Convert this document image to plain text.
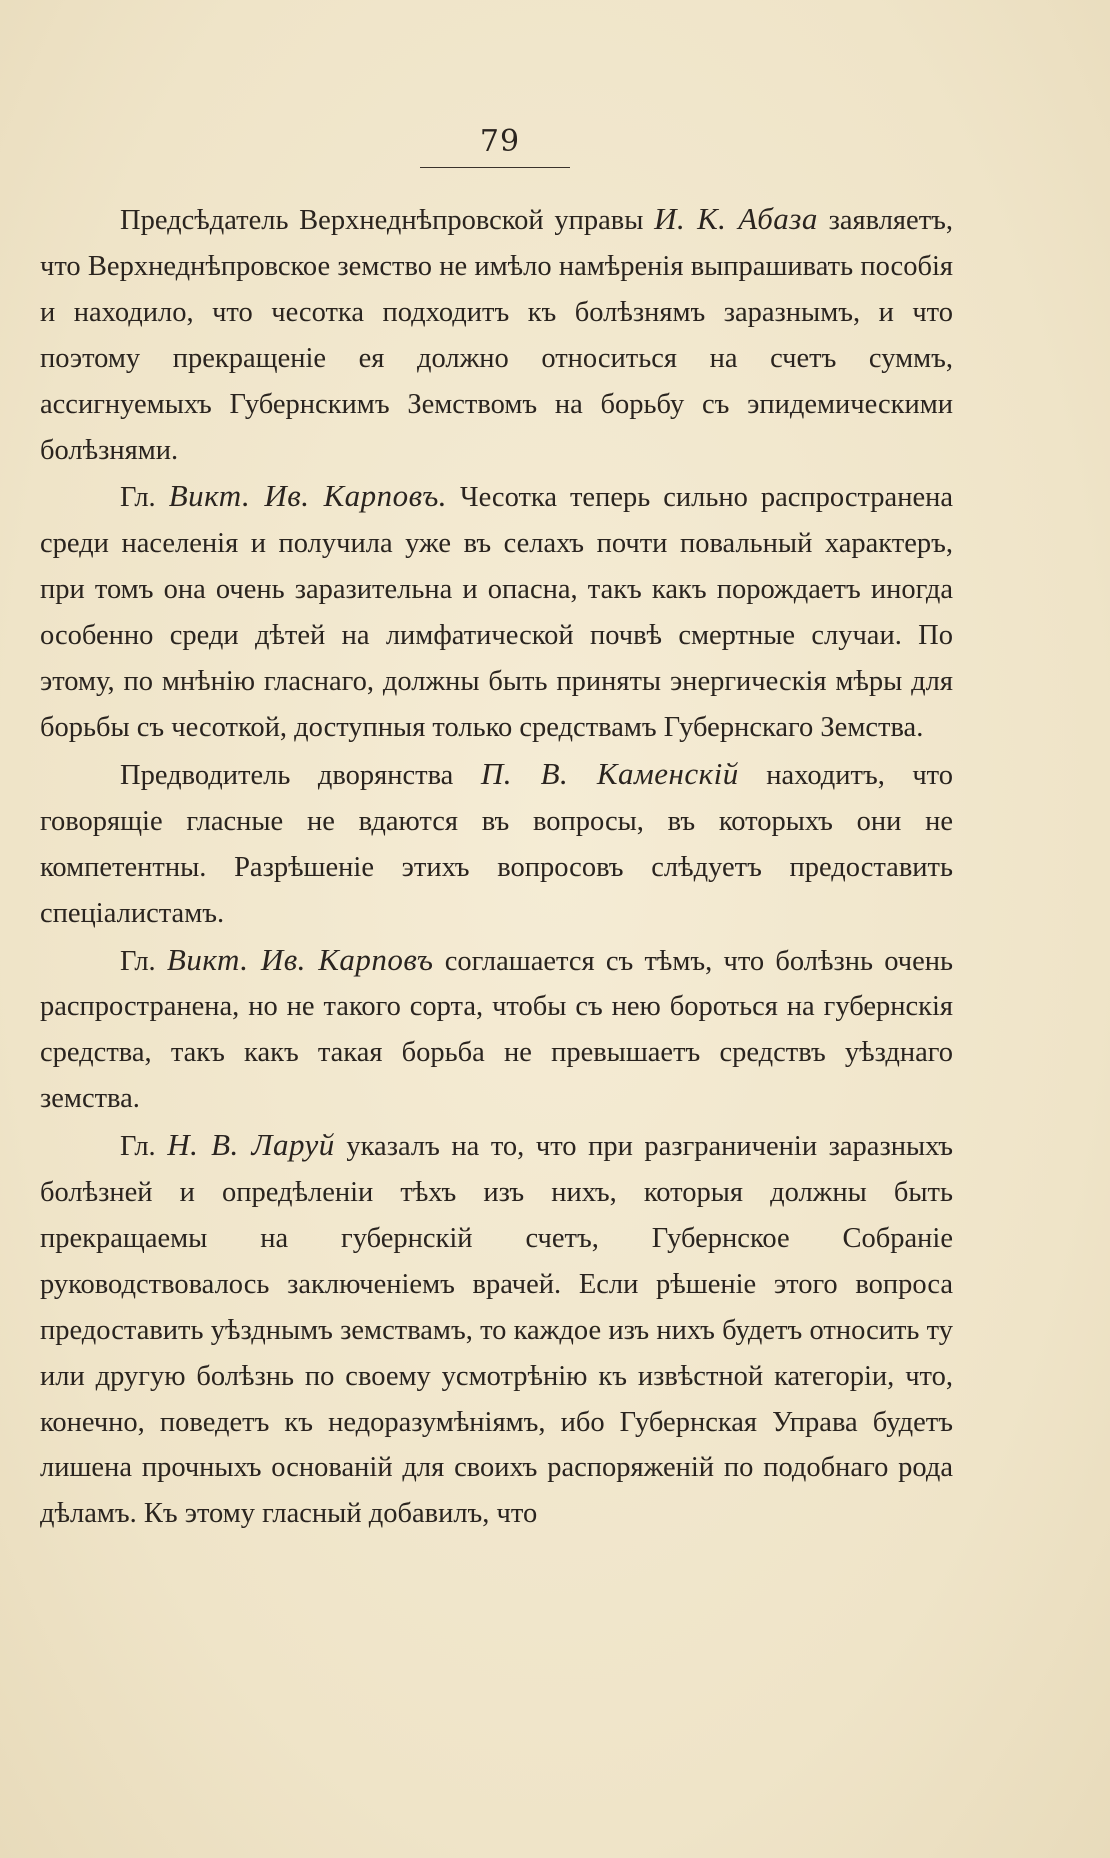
79

Предсѣдатель Верхнеднѣпровской управы И. К. Абаза заявляетъ, что Верхнеднѣпровское земство не имѣло намѣренія выпрашивать пособія и находило, что чесотка подходитъ къ болѣзнямъ заразнымъ, и что поэтому прекращеніе ея должно относиться на счетъ суммъ, ассигнуемыхъ Губернскимъ Земствомъ на борьбу съ эпидемическими болѣзнями.

Гл. Викт. Ив. Карповъ. Чесотка теперь сильно распространена среди населенія и получила уже въ селахъ почти повальный характеръ, при томъ она очень заразительна и опасна, такъ какъ порождаетъ иногда особенно среди дѣтей на лимфатической почвѣ смертные случаи. По этому, по мнѣнію гласнаго, должны быть приняты энергическія мѣры для борьбы съ чесоткой, доступныя только средствамъ Губернскаго Земства.

Предводитель дворянства П. В. Каменскій находитъ, что говорящіе гласные не вдаются въ вопросы, въ которыхъ они не компетентны. Разрѣшеніе этихъ вопросовъ слѣдуетъ предоставить спеціалистамъ.

Гл. Викт. Ив. Карповъ соглашается съ тѣмъ, что болѣзнь очень распространена, но не такого сорта, чтобы съ нею бороться на губернскія средства, такъ какъ такая борьба не превышаетъ средствъ уѣзднаго земства.

Гл. Н. В. Ларуй указалъ на то, что при разграниченіи заразныхъ болѣзней и опредѣленіи тѣхъ изъ нихъ, которыя должны быть прекращаемы на губернскій счетъ, Губернское Собраніе руководствовалось заключеніемъ врачей. Если рѣшеніе этого вопроса предоставить уѣзднымъ земствамъ, то каждое изъ нихъ будетъ относить ту или другую болѣзнь по своему усмотрѣнію къ извѣстной категоріи, что, конечно, поведетъ къ недоразумѣніямъ, ибо Губернская Управа будетъ лишена прочныхъ основаній для своихъ распоряженій по подобнаго рода дѣламъ. Къ этому гласный добавилъ, что
